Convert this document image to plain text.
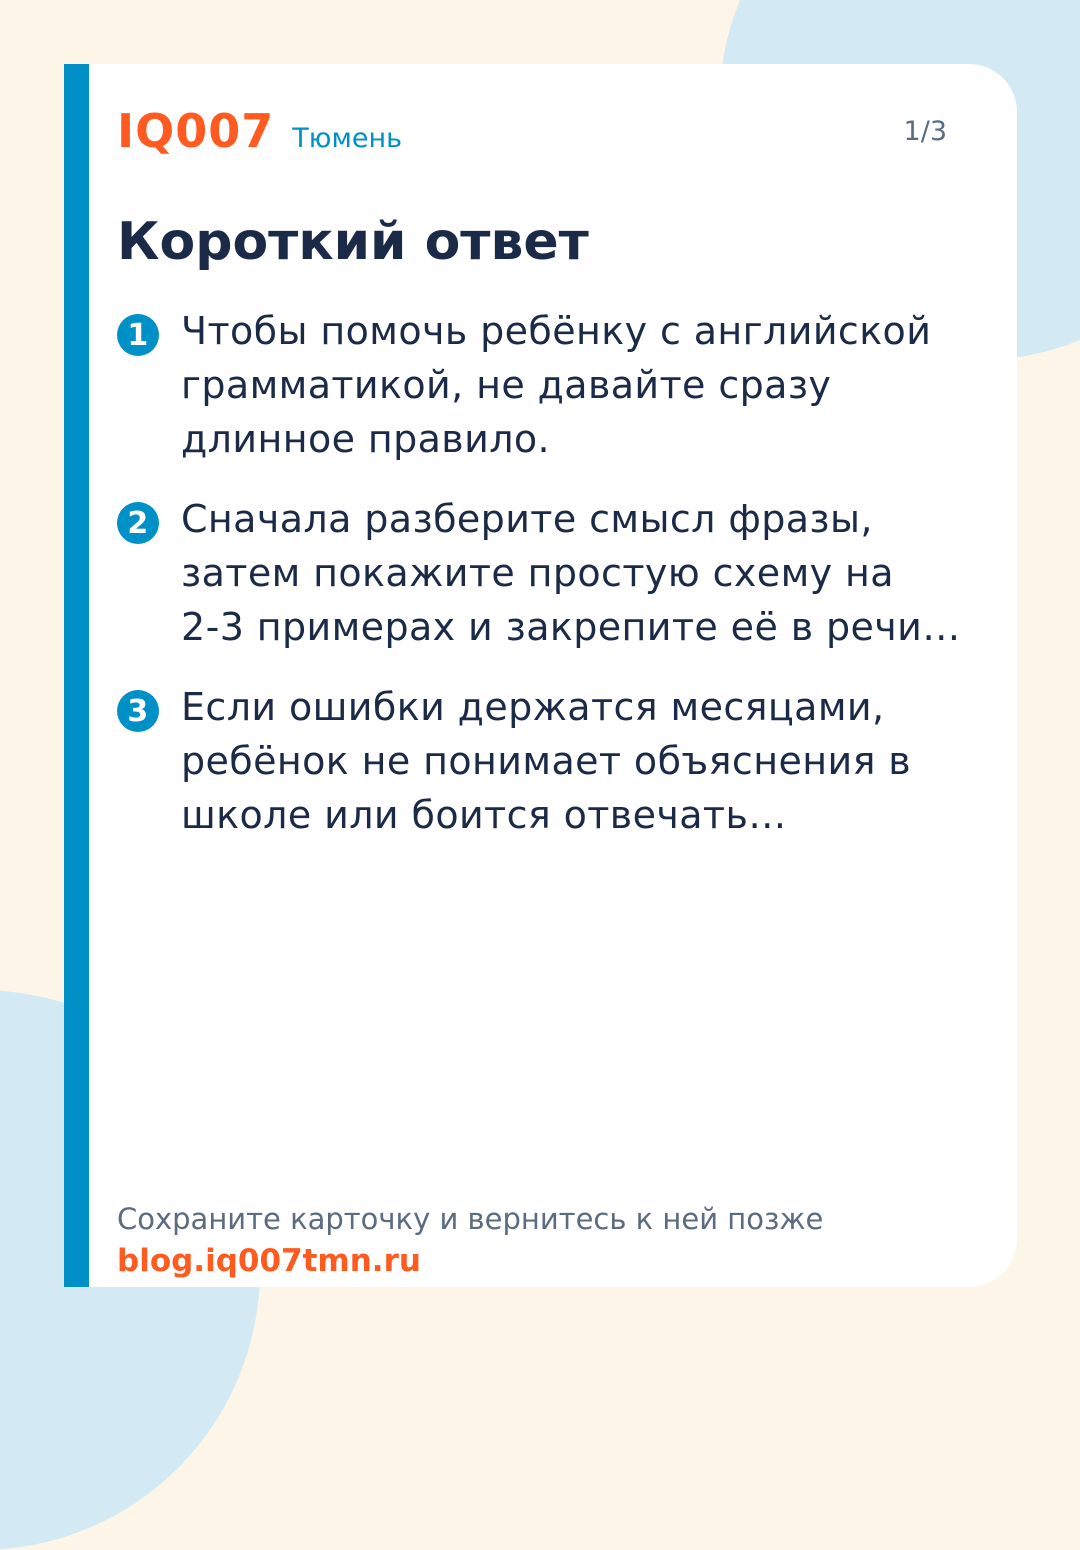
IQ007 Тюмень	1/3
Короткий ответ
1 Чтобы помочь ребёнку с английской
грамматикой, не давайте сразу
длинное правило.
2 Сначала разберите смысл фразы,
затем покажите простую схему на
2-3 примерах и закрепите её в речи…
3 Если ошибки держатся месяцами,
ребёнок не понимает объяснения в
школе или боится отвечать…
Сохраните карточку и вернитесь к ней позже
blog.iq007tmn.ru
